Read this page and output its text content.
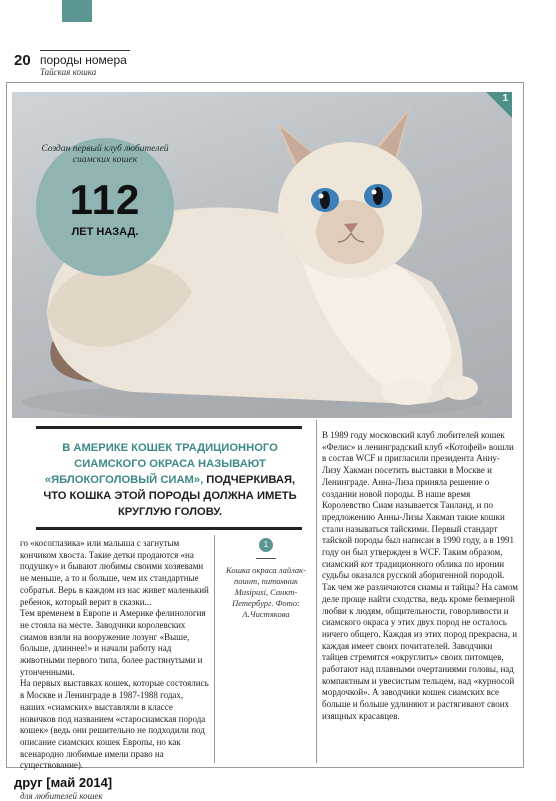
20 породы номера
Тайская кошка
1
Создан первый клуб любителей сиамских кошек
112
ЛЕТ НАЗАД.
В АМЕРИКЕ КОШЕК ТРАДИЦИОННОГО СИАМСКОГО ОКРАСА НАЗЫВАЮТ «ЯБЛОКОГОЛОВЫЙ СИАМ», ПОДЧЕРКИВАЯ, ЧТО КОШКА ЭТОЙ ПОРОДЫ ДОЛЖНА ИМЕТЬ КРУГЛУЮ ГОЛОВУ.

го «косоглазика» или малыша с загнутым кончиком хвоста. Такие детки продаются «на подушку» и бывают любимы своими хозяевами не меньше, а то и больше, чем их стандартные собратья. Верь в каждом из нас живет маленький ребенок, который верит в сказки...

Тем временем в Европе и Америке фелинология не стояла на месте. Заводчики королевских сиамов взяли на вооружение лозунг «Выше, больше, длиннее!» и начали работу над животными первого типа, более растянутыми и утонченными.

На первых выставках кошек, которые состоялись в Москве и Ленинграде в 1987-1988 годах, наших «сиамских» выставляли в классе новичков под названием «старосиамская порода кошек» (ведь они решительно не подходили под описание сиамских кошек Европы, но как всенародно любимые имели право на существование).

1
Кошка окраса лайлак-поинт, питомник Musipusi, Санкт-Петербург. Фото: А.Чистякова

В 1989 году московский клуб любителей кошек «Фелис» и ленинградский клуб «Котофей» вошли в состав WCF и пригласили президента Анну-Лизу Хакман посетить выставки в Москве и Ленинграде. Анна-Лиза приняла решение о создании новой породы. В наше время Королевство Сиам называется Таиланд, и по предложению Анны-Лизы Хакман такие кошки стали называться тайскими. Первый стандарт тайской породы был написан в 1990 году, а в 1991 году он был утвержден в WCF. Таким образом, сиамский кот традиционного облика по иронии судьбы оказался русской аборигенной породой.

Так чем же различаются сиамы и тайцы? На самом деле проще найти сходства, ведь кроме безмерной любви к людям, общительности, говорливости и сиамского окраса у этих двух пород не осталось ничего общего. Каждая из этих пород прекрасна, и каждая имеет своих почитателей. Заводчики тайцев стремятся «округлить» своих питомцев, работают над плавными очертаниями головы, над компактным и увесистым тельцем, над «курносой мордочкой». А заводчики кошек сиамских все больше и больше удлиняют и растягивают своих изящных красавцев.

друг [май 2014]
для любителей кошек
